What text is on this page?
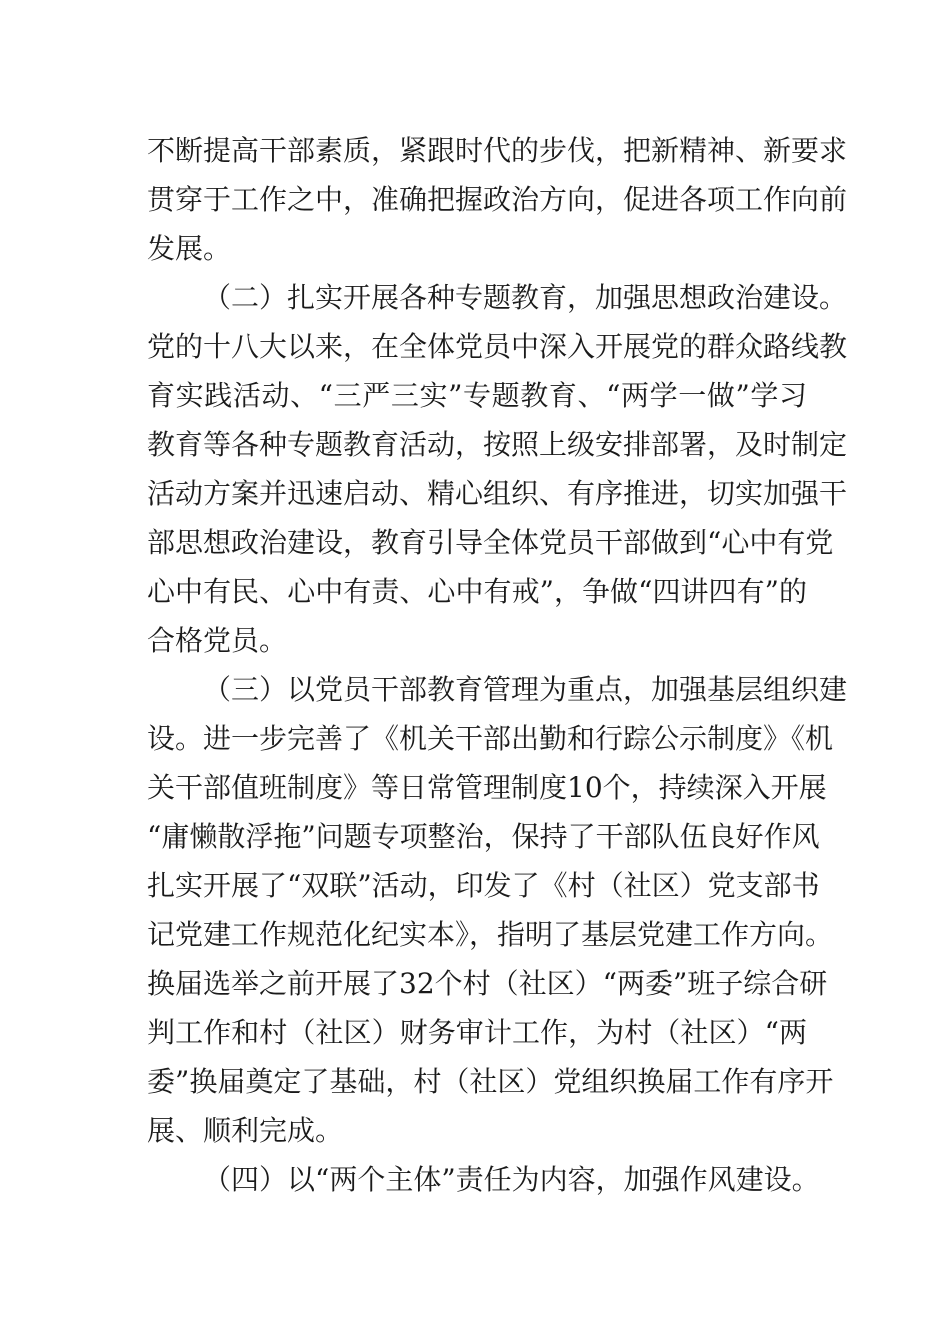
不断提高干部素质，紧跟时代的步伐，把新精神、新要求
贯穿于工作之中，准确把握政治方向，促进各项工作向前
发展。
（二）扎实开展各种专题教育，加强思想政治建设。
党的十八大以来，在全体党员中深入开展党的群众路线教
育实践活动、“三严三实”专题教育、“两学一做”学习
教育等各种专题教育活动，按照上级安排部署，及时制定
活动方案并迅速启动、精心组织、有序推进，切实加强干
部思想政治建设，教育引导全体党员干部做到“心中有党
心中有民、心中有责、心中有戒”，争做“四讲四有”的
合格党员。
（三）以党员干部教育管理为重点，加强基层组织建
设。进一步完善了《机关干部出勤和行踪公示制度》《机
关干部值班制度》等日常管理制度10个，持续深入开展
“庸懒散浮拖”问题专项整治，保持了干部队伍良好作风
扎实开展了“双联”活动，印发了《村（社区）党支部书
记党建工作规范化纪实本》，指明了基层党建工作方向。
换届选举之前开展了32个村（社区）“两委”班子综合研
判工作和村（社区）财务审计工作，为村（社区）“两
委”换届奠定了基础，村（社区）党组织换届工作有序开
展、顺利完成。
（四）以“两个主体”责任为内容，加强作风建设。
